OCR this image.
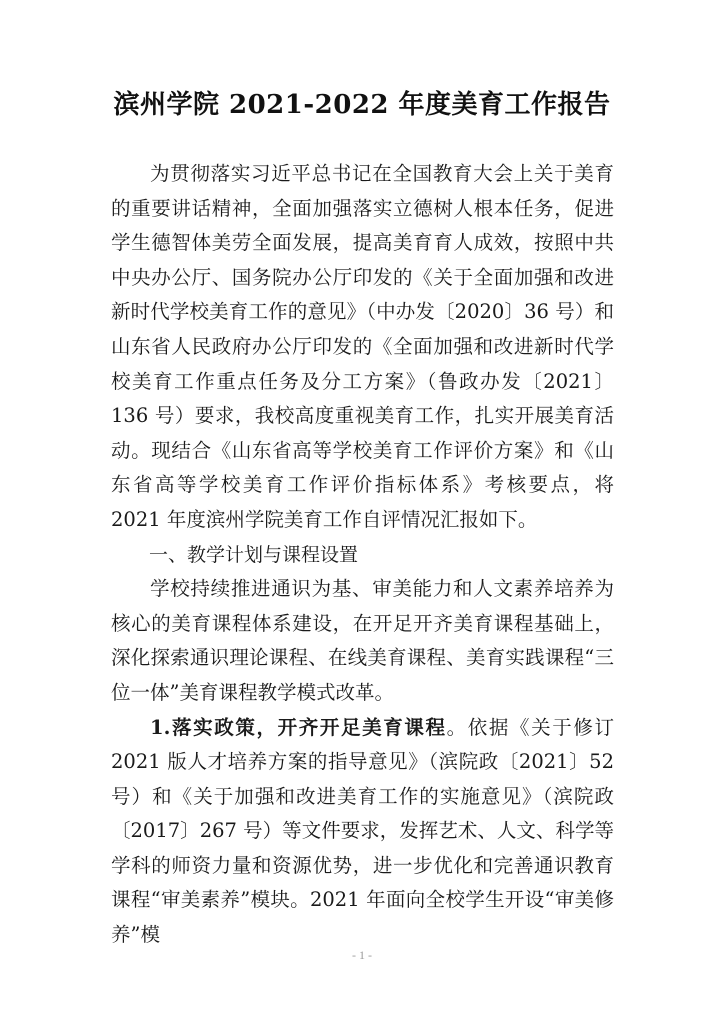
滨州学院 2021-2022 年度美育工作报告

为贯彻落实习近平总书记在全国教育大会上关于美育的重要讲话精神，全面加强落实立德树人根本任务，促进学生德智体美劳全面发展，提高美育育人成效，按照中共中央办公厅、国务院办公厅印发的《关于全面加强和改进新时代学校美育工作的意见》（中办发〔2020〕36 号）和山东省人民政府办公厅印发的《全面加强和改进新时代学校美育工作重点任务及分工方案》（鲁政办发〔2021〕136 号）要求，我校高度重视美育工作，扎实开展美育活动。现结合《山东省高等学校美育工作评价方案》和《山东省高等学校美育工作评价指标体系》考核要点，将 2021 年度滨州学院美育工作自评情况汇报如下。

一、教学计划与课程设置

学校持续推进通识为基、审美能力和人文素养培养为核心的美育课程体系建设，在开足开齐美育课程基础上，深化探索通识理论课程、在线美育课程、美育实践课程“三位一体”美育课程教学模式改革。

1.落实政策，开齐开足美育课程。依据《关于修订 2021 版人才培养方案的指导意见》（滨院政〔2021〕52 号）和《关于加强和改进美育工作的实施意见》（滨院政〔2017〕267 号）等文件要求，发挥艺术、人文、科学等学科的师资力量和资源优势，进一步优化和完善通识教育课程“审美素养”模块。2021 年面向全校学生开设“审美修养”模

- 1 -
